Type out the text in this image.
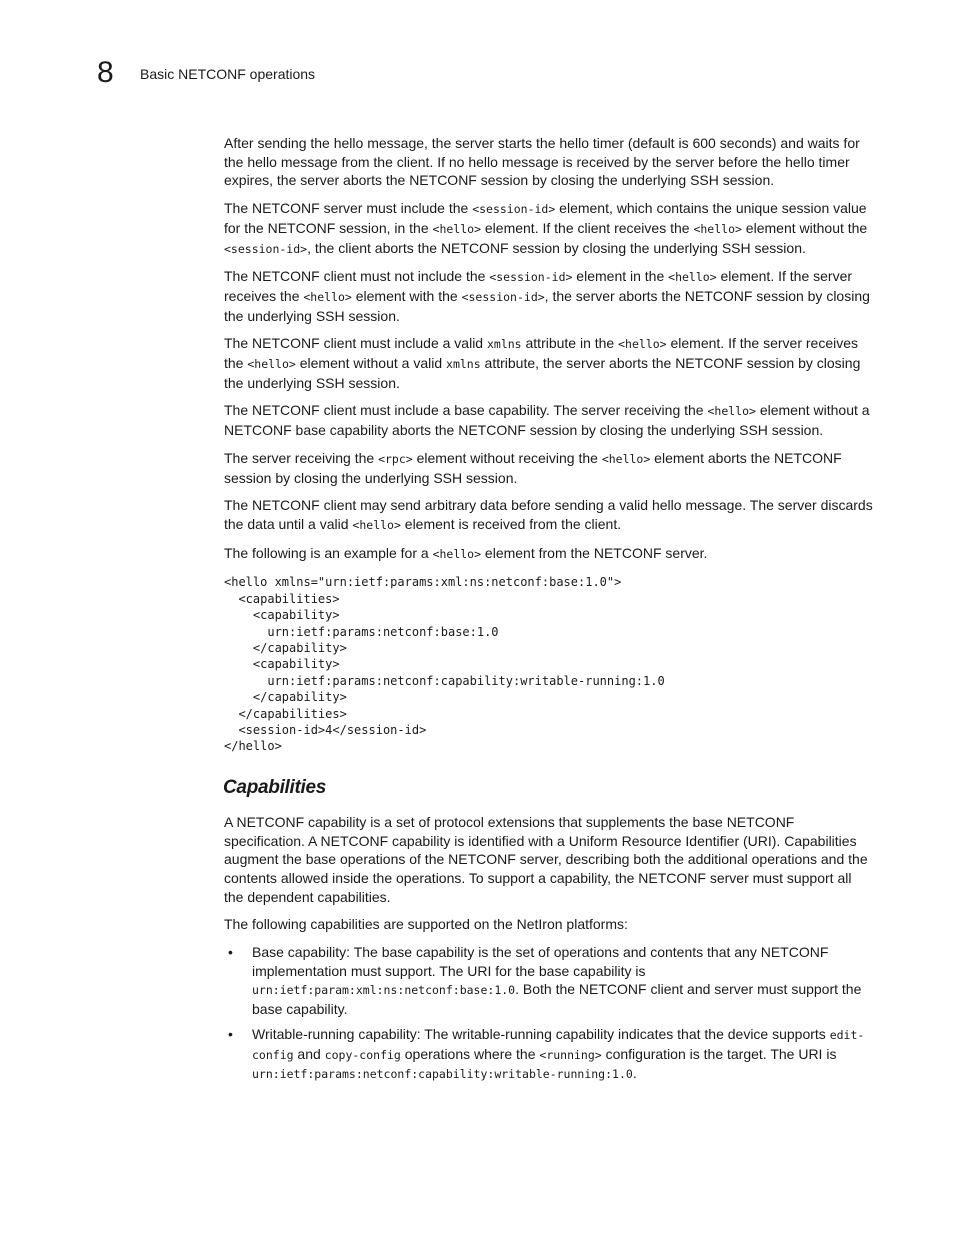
8	Basic NETCONF operations

After sending the hello message, the server starts the hello timer (default is 600 seconds) and waits for the hello message from the client. If no hello message is received by the server before the hello timer expires, the server aborts the NETCONF session by closing the underlying SSH session.

The NETCONF server must include the <session-id> element, which contains the unique session value for the NETCONF session, in the <hello> element. If the client receives the <hello> element without the <session-id>, the client aborts the NETCONF session by closing the underlying SSH session.

The NETCONF client must not include the <session-id> element in the <hello> element. If the server receives the <hello> element with the <session-id>, the server aborts the NETCONF session by closing the underlying SSH session.

The NETCONF client must include a valid xmlns attribute in the <hello> element. If the server receives the <hello> element without a valid xmlns attribute, the server aborts the NETCONF session by closing the underlying SSH session.

The NETCONF client must include a base capability. The server receiving the <hello> element without a NETCONF base capability aborts the NETCONF session by closing the underlying SSH session.

The server receiving the <rpc> element without receiving the <hello> element aborts the NETCONF session by closing the underlying SSH session.

The NETCONF client may send arbitrary data before sending a valid hello message. The server discards the data until a valid <hello> element is received from the client.

The following is an example for a <hello> element from the NETCONF server.

<hello xmlns="urn:ietf:params:xml:ns:netconf:base:1.0">
<capabilities>
<capability>
urn:ietf:params:netconf:base:1.0
</capability>
<capability>
urn:ietf:params:netconf:capability:writable-running:1.0
</capability>
</capabilities>
<session-id>4</session-id>
</hello>
Capabilities

A NETCONF capability is a set of protocol extensions that supplements the base NETCONF specification. A NETCONF capability is identified with a Uniform Resource Identifier (URI). Capabilities augment the base operations of the NETCONF server, describing both the additional operations and the contents allowed inside the operations. To support a capability, the NETCONF server must support all the dependent capabilities.

The following capabilities are supported on the NetIron platforms:

• Base capability: The base capability is the set of operations and contents that any NETCONF implementation must support. The URI for the base capability is urn:ietf:param:xml:ns:netconf:base:1.0. Both the NETCONF client and server must support the base capability.
• Writable-running capability: The writable-running capability indicates that the device supports edit-config and copy-config operations where the <running> configuration is the target. The URI is urn:ietf:params:netconf:capability:writable-running:1.0.
